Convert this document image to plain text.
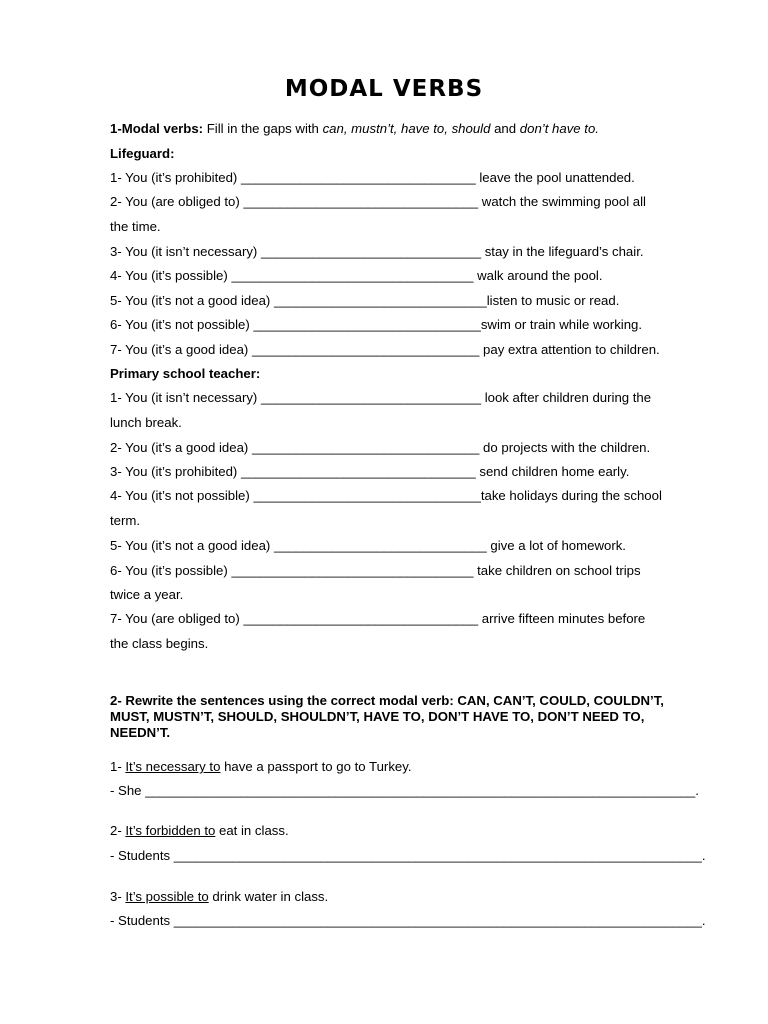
MODAL VERBS
1-Modal verbs: Fill in the gaps with can, mustn’t, have to, should and don’t have to.
Lifeguard:
1- You (it’s prohibited) ________________________________ leave the pool unattended.
2- You (are obliged to) ________________________________ watch the swimming pool all
the time.
3- You (it isn’t necessary) ______________________________ stay in the lifeguard’s chair.
4- You (it’s possible) _________________________________ walk around the pool.
5- You (it’s not a good idea) _____________________________listen to music or read.
6- You (it’s not possible) _______________________________swim or train while working.
7- You (it’s a good idea) _______________________________ pay extra attention to children.
Primary school teacher:
1- You (it isn’t necessary) ______________________________ look after children during the
lunch break.
2- You (it’s a good idea) _______________________________ do projects with the children.
3- You (it’s prohibited) ________________________________ send children home early.
4- You (it’s not possible) _______________________________take holidays during the school
term.
5- You (it’s not a good idea) _____________________________ give a lot of homework.
6- You (it’s possible) _________________________________ take children on school trips
twice a year.
7- You (are obliged to) ________________________________ arrive fifteen minutes before
the class begins.
2- Rewrite the sentences using the correct modal verb: CAN, CAN’T, COULD, COULDN’T, MUST, MUSTN’T, SHOULD, SHOULDN’T, HAVE TO, DON’T HAVE TO, DON’T NEED TO, NEEDN’T.
1- It’s necessary to have a passport to go to Turkey.
- She ___________________________________________________________________________.
2- It’s forbidden to eat in class.
- Students ________________________________________________________________________.
3- It’s possible to drink water in class.
- Students ________________________________________________________________________.
